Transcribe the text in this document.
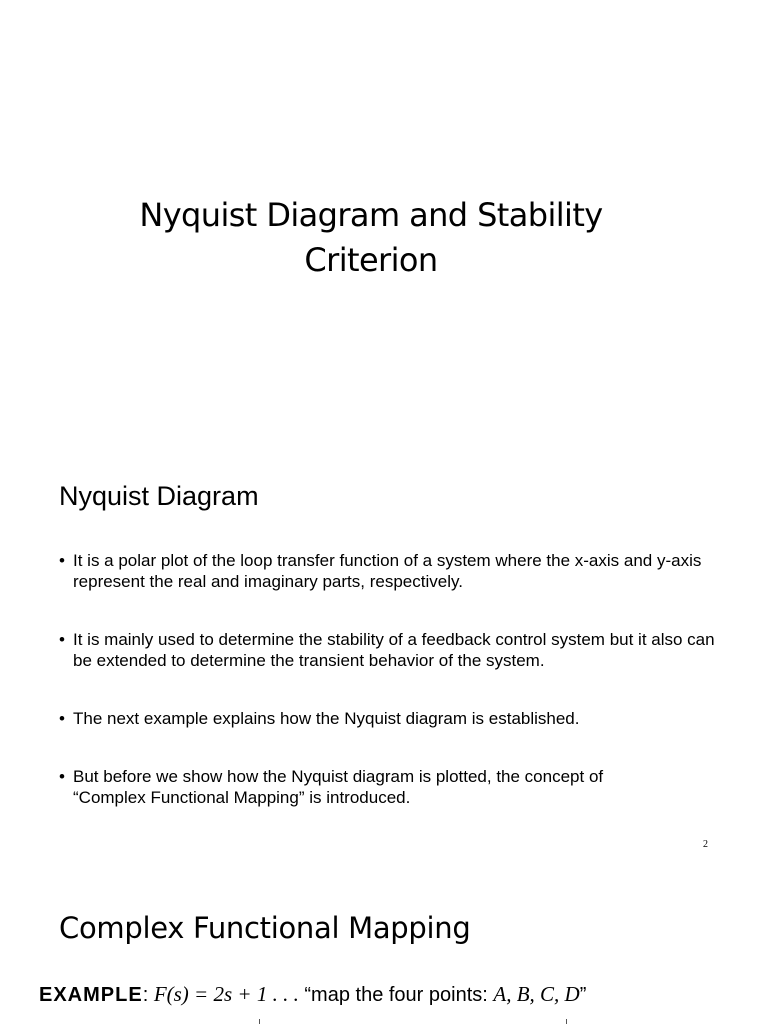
Nyquist Diagram and Stability
Criterion
Nyquist Diagram
• It is a polar plot of the loop transfer function of a system where the x-axis and y-axis represent the real and imaginary parts, respectively.
• It is mainly used to determine the stability of a feedback control system but it also can be extended to determine the transient behavior of the system.
• The next example explains how the Nyquist diagram is established.
• But before we show how the Nyquist diagram is plotted, the concept of
“Complex Functional Mapping” is introduced.
2
Complex Functional Mapping
EXAMPLE: F(s) = 2s + 1 . . . “map the four points: A, B, C, D”
